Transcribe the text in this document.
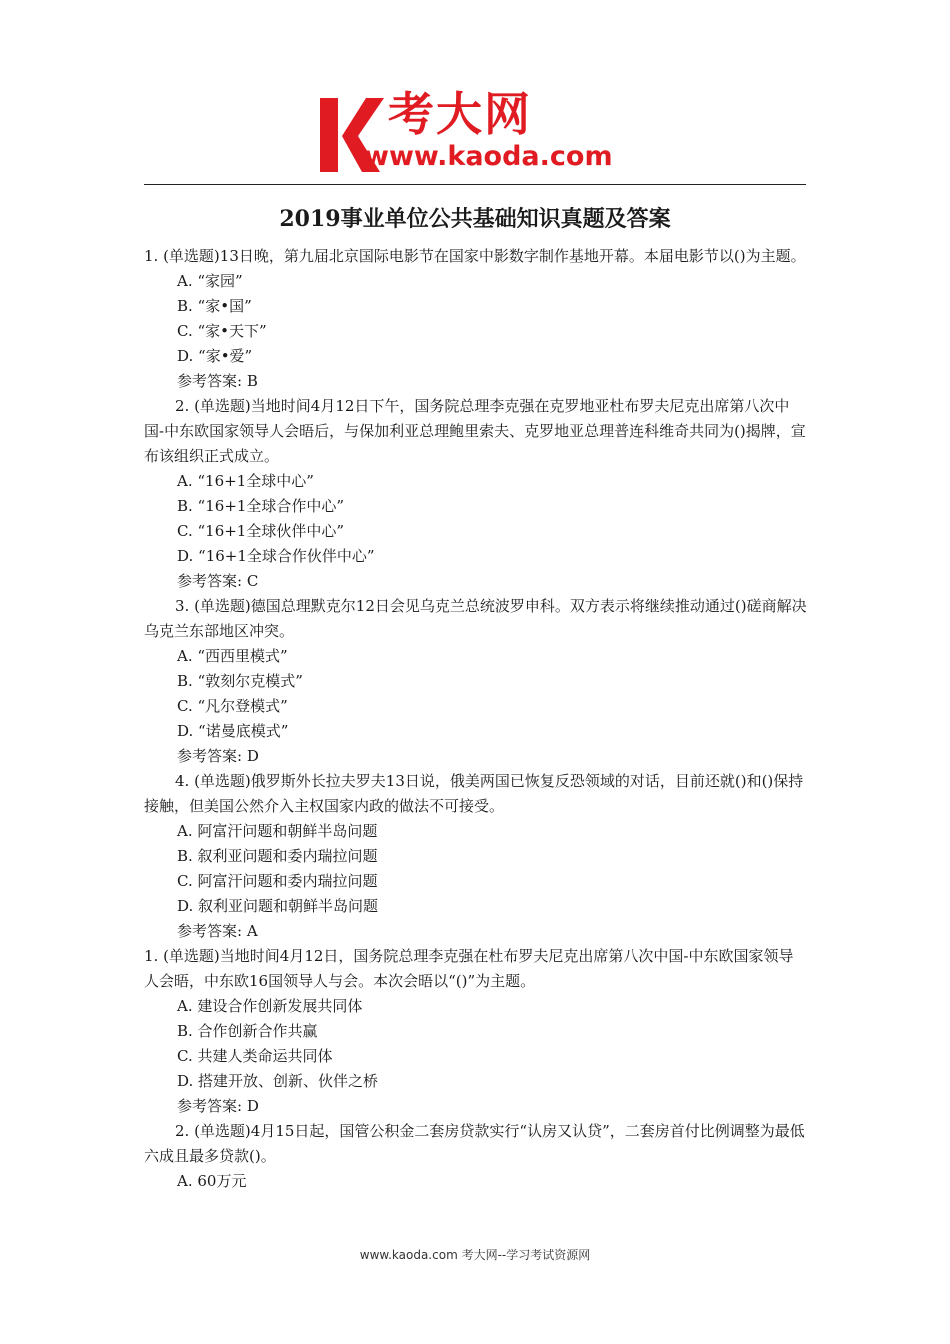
考大网
www.kaoda.com
2019事业单位公共基础知识真题及答案

1. (单选题)13日晚，第九届北京国际电影节在国家中影数字制作基地开幕。本届电影节以()为主题。

A. “家园”

B. “家•国”

C. “家•天下”

D. “家•爱”

参考答案: B

2. (单选题)当地时间4月12日下午，国务院总理李克强在克罗地亚杜布罗夫尼克出席第八次中国-中东欧国家领导人会晤后，与保加利亚总理鲍里索夫、克罗地亚总理普连科维奇共同为()揭牌，宣布该组织正式成立。

A. “16+1全球中心”

B. “16+1全球合作中心”

C. “16+1全球伙伴中心”

D. “16+1全球合作伙伴中心”

参考答案: C

3. (单选题)德国总理默克尔12日会见乌克兰总统波罗申科。双方表示将继续推动通过()磋商解决乌克兰东部地区冲突。

A. “西西里模式”

B. “敦刻尔克模式”

C. “凡尔登模式”

D. “诺曼底模式”

参考答案: D

4. (单选题)俄罗斯外长拉夫罗夫13日说，俄美两国已恢复反恐领域的对话，目前还就()和()保持接触，但美国公然介入主权国家内政的做法不可接受。

A. 阿富汗问题和朝鲜半岛问题

B. 叙利亚问题和委内瑞拉问题

C. 阿富汗问题和委内瑞拉问题

D. 叙利亚问题和朝鲜半岛问题

参考答案: A

1. (单选题)当地时间4月12日，国务院总理李克强在杜布罗夫尼克出席第八次中国-中东欧国家领导人会晤，中东欧16国领导人与会。本次会晤以“()”为主题。

A. 建设合作创新发展共同体

B. 合作创新合作共赢

C. 共建人类命运共同体

D. 搭建开放、创新、伙伴之桥

参考答案: D

2. (单选题)4月15日起，国管公积金二套房贷款实行“认房又认贷”，二套房首付比例调整为最低六成且最多贷款()。

A. 60万元

www.kaoda.com 考大网--学习考试资源网
